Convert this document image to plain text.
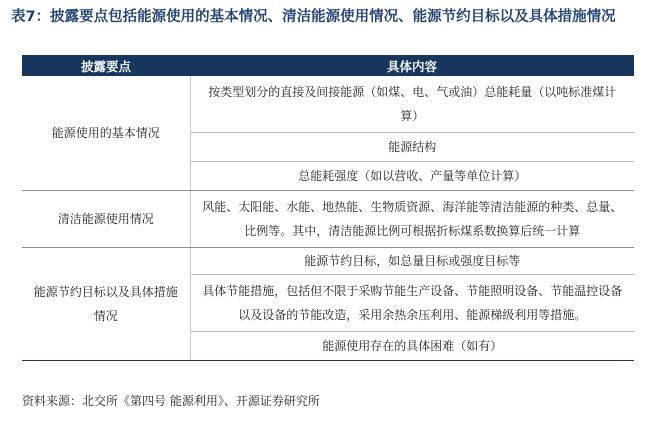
表7：披露要点包括能源使用的基本情况、清洁能源使用情况、能源节约目标以及具体措施情况
披露要点	具体内容
能源使用的基本情况	按类型划分的直接及间接能源（如煤、电、气或油）总能耗量（以吨标准煤计算）
	能源结构
	总能耗强度（如以营收、产量等单位计算）
清洁能源使用情况	风能、太阳能、水能、地热能、生物质资源、海洋能等清洁能源的种类、总量、比例等。其中，清洁能源比例可根据折标煤系数换算后统一计算
能源节约目标以及具体措施情况	能源节约目标，如总量目标或强度目标等
	具体节能措施，包括但不限于采购节能生产设备、节能照明设备、节能温控设备以及设备的节能改造，采用余热余压利用、能源梯级利用等措施。
	能源使用存在的具体困难（如有）
资料来源：北交所《第四号 能源利用》、开源证券研究所
